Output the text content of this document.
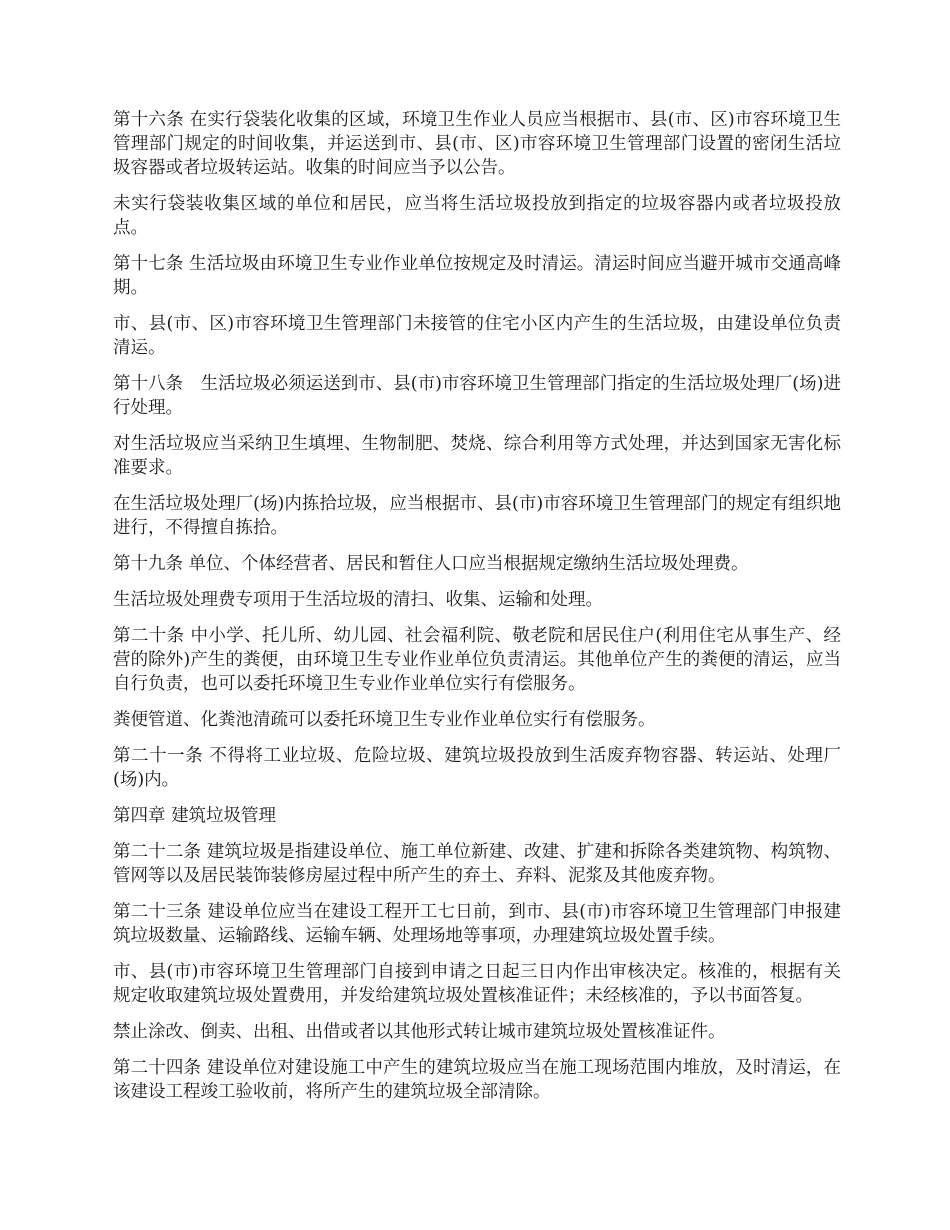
第十六条 在实行袋装化收集的区域，环境卫生作业人员应当根据市、县(市、区)市容环境卫生管理部门规定的时间收集，并运送到市、县(市、区)市容环境卫生管理部门设置的密闭生活垃圾容器或者垃圾转运站。收集的时间应当予以公告。

未实行袋装收集区域的单位和居民，应当将生活垃圾投放到指定的垃圾容器内或者垃圾投放点。

第十七条 生活垃圾由环境卫生专业作业单位按规定及时清运。清运时间应当避开城市交通高峰期。

市、县(市、区)市容环境卫生管理部门未接管的住宅小区内产生的生活垃圾，由建设单位负责清运。

第十八条　生活垃圾必须运送到市、县(市)市容环境卫生管理部门指定的生活垃圾处理厂(场)进行处理。

对生活垃圾应当采纳卫生填埋、生物制肥、焚烧、综合利用等方式处理，并达到国家无害化标准要求。

在生活垃圾处理厂(场)内拣拾垃圾，应当根据市、县(市)市容环境卫生管理部门的规定有组织地进行，不得擅自拣拾。

第十九条 单位、个体经营者、居民和暂住人口应当根据规定缴纳生活垃圾处理费。

生活垃圾处理费专项用于生活垃圾的清扫、收集、运输和处理。

第二十条 中小学、托儿所、幼儿园、社会福利院、敬老院和居民住户(利用住宅从事生产、经营的除外)产生的粪便，由环境卫生专业作业单位负责清运。其他单位产生的粪便的清运，应当自行负责，也可以委托环境卫生专业作业单位实行有偿服务。

粪便管道、化粪池清疏可以委托环境卫生专业作业单位实行有偿服务。

第二十一条 不得将工业垃圾、危险垃圾、建筑垃圾投放到生活废弃物容器、转运站、处理厂(场)内。

第四章 建筑垃圾管理

第二十二条 建筑垃圾是指建设单位、施工单位新建、改建、扩建和拆除各类建筑物、构筑物、管网等以及居民装饰装修房屋过程中所产生的弃土、弃料、泥浆及其他废弃物。

第二十三条 建设单位应当在建设工程开工七日前，到市、县(市)市容环境卫生管理部门申报建筑垃圾数量、运输路线、运输车辆、处理场地等事项，办理建筑垃圾处置手续。

市、县(市)市容环境卫生管理部门自接到申请之日起三日内作出审核决定。核准的，根据有关规定收取建筑垃圾处置费用，并发给建筑垃圾处置核准证件；未经核准的，予以书面答复。

禁止涂改、倒卖、出租、出借或者以其他形式转让城市建筑垃圾处置核准证件。

第二十四条 建设单位对建设施工中产生的建筑垃圾应当在施工现场范围内堆放，及时清运，在该建设工程竣工验收前，将所产生的建筑垃圾全部清除。
